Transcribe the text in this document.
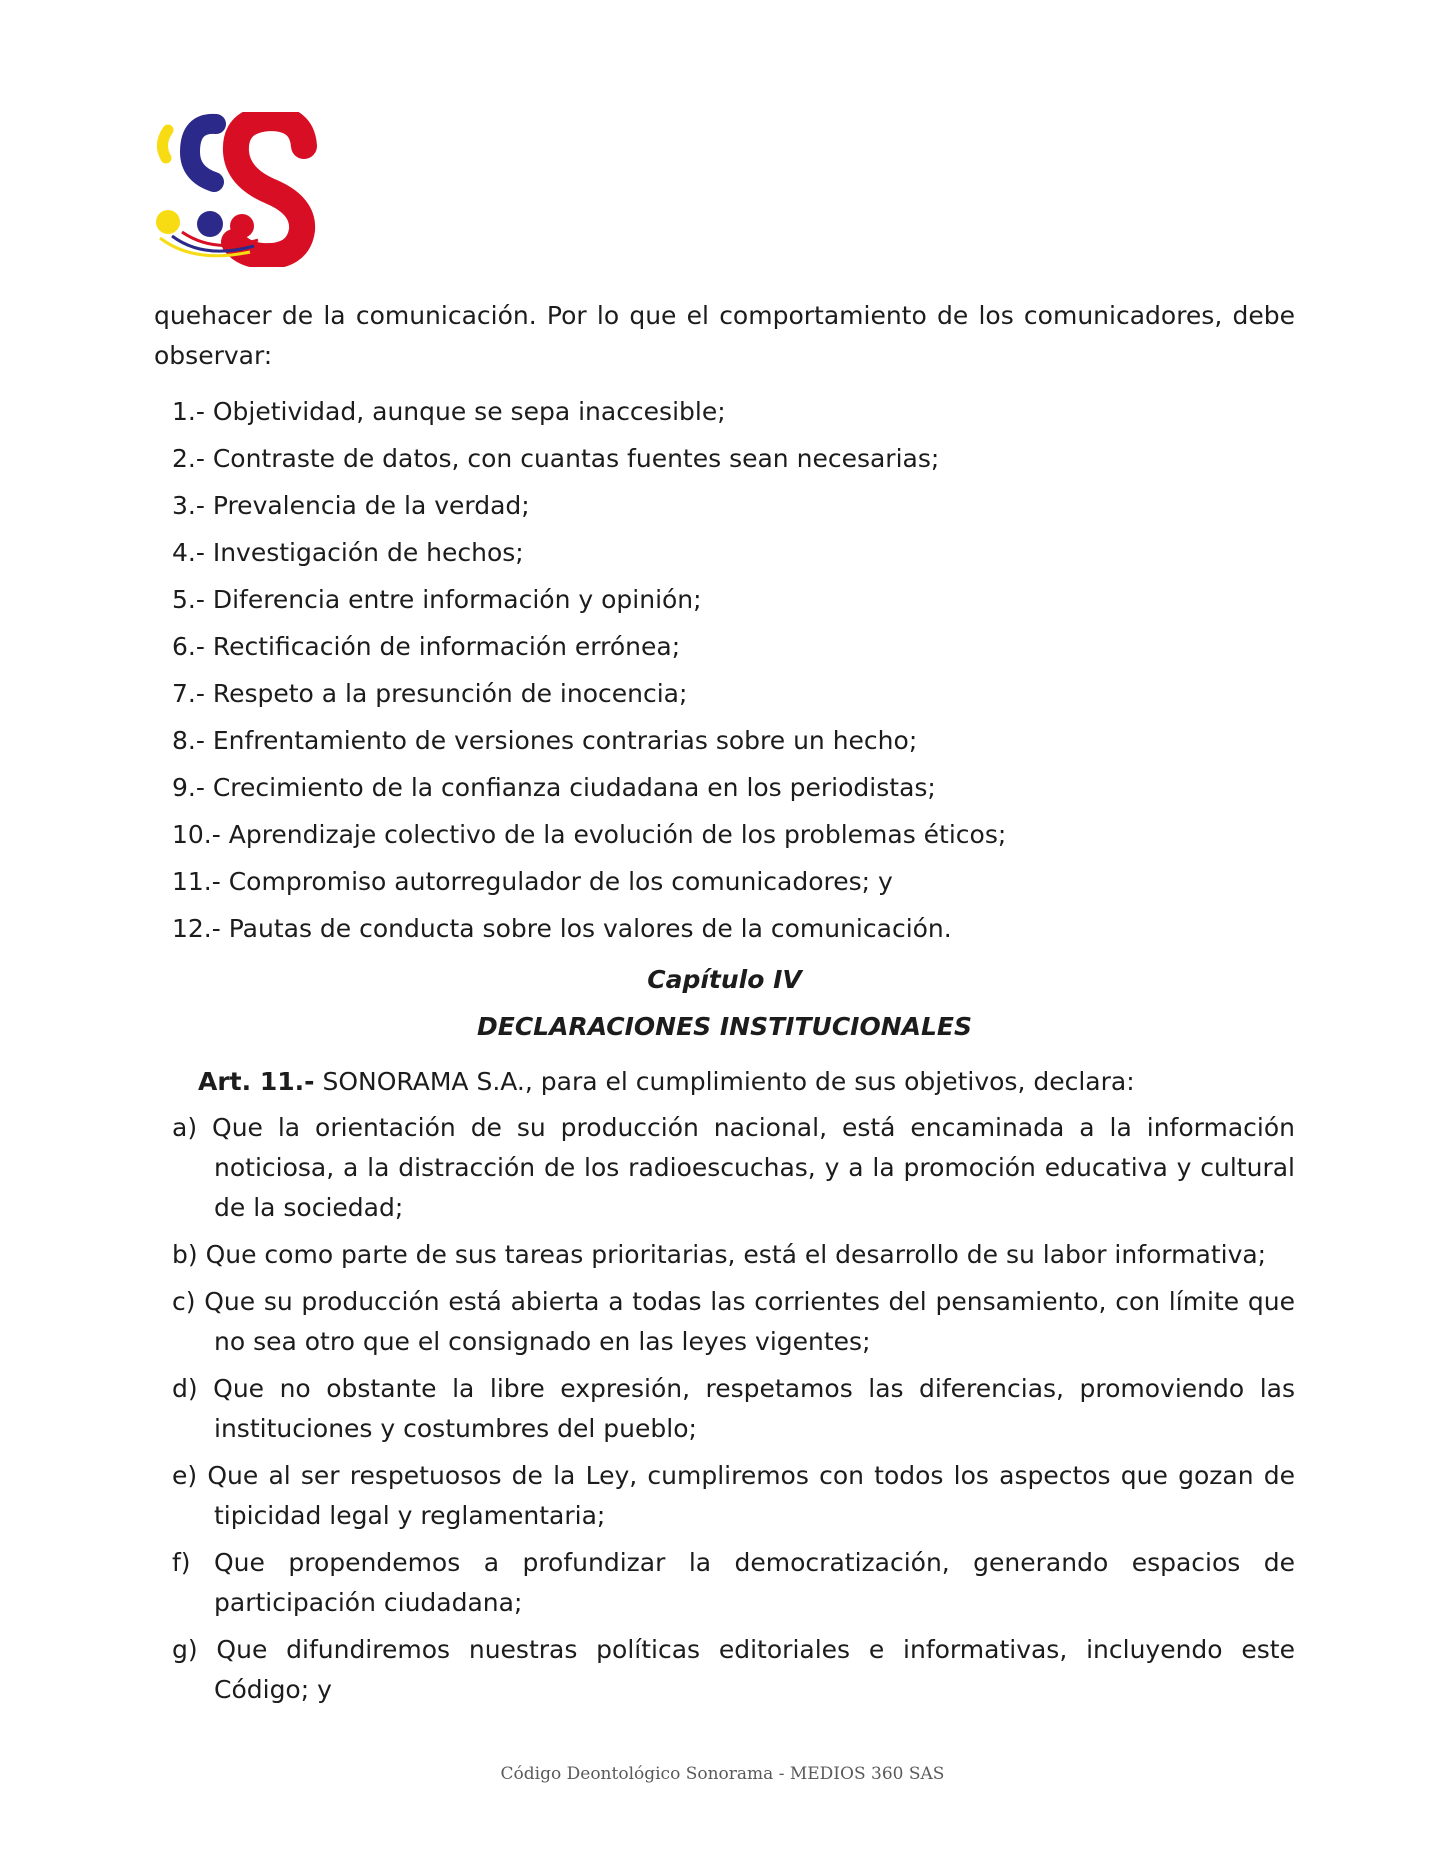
quehacer de la comunicación. Por lo que el comportamiento de los comunicadores, debe observar:

1.- Objetividad, aunque se sepa inaccesible;
2.- Contraste de datos, con cuantas fuentes sean necesarias;
3.- Prevalencia de la verdad;
4.- Investigación de hechos;
5.- Diferencia entre información y opinión;
6.- Rectificación de información errónea;
7.- Respeto a la presunción de inocencia;
8.- Enfrentamiento de versiones contrarias sobre un hecho;
9.- Crecimiento de la confianza ciudadana en los periodistas;
10.- Aprendizaje colectivo de la evolución de los problemas éticos;
11.- Compromiso autorregulador de los comunicadores; y
12.- Pautas de conducta sobre los valores de la comunicación.

Capítulo IV

DECLARACIONES INSTITUCIONALES

Art. 11.- SONORAMA S.A., para el cumplimiento de sus objetivos, declara:

a) Que la orientación de su producción nacional, está encaminada a la información noticiosa, a la distracción de los radioescuchas, y a la promoción educativa y cultural de la sociedad;
b) Que como parte de sus tareas prioritarias, está el desarrollo de su labor informativa;
c) Que su producción está abierta a todas las corrientes del pensamiento, con límite que no sea otro que el consignado en las leyes vigentes;
d) Que no obstante la libre expresión, respetamos las diferencias, promoviendo las instituciones y costumbres del pueblo;
e) Que al ser respetuosos de la Ley, cumpliremos con todos los aspectos que gozan de tipicidad legal y reglamentaria;
f) Que propendemos a profundizar la democratización, generando espacios de participación ciudadana;
g) Que difundiremos nuestras políticas editoriales e informativas, incluyendo este Código; y
Código Deontológico Sonorama - MEDIOS 360 SAS
